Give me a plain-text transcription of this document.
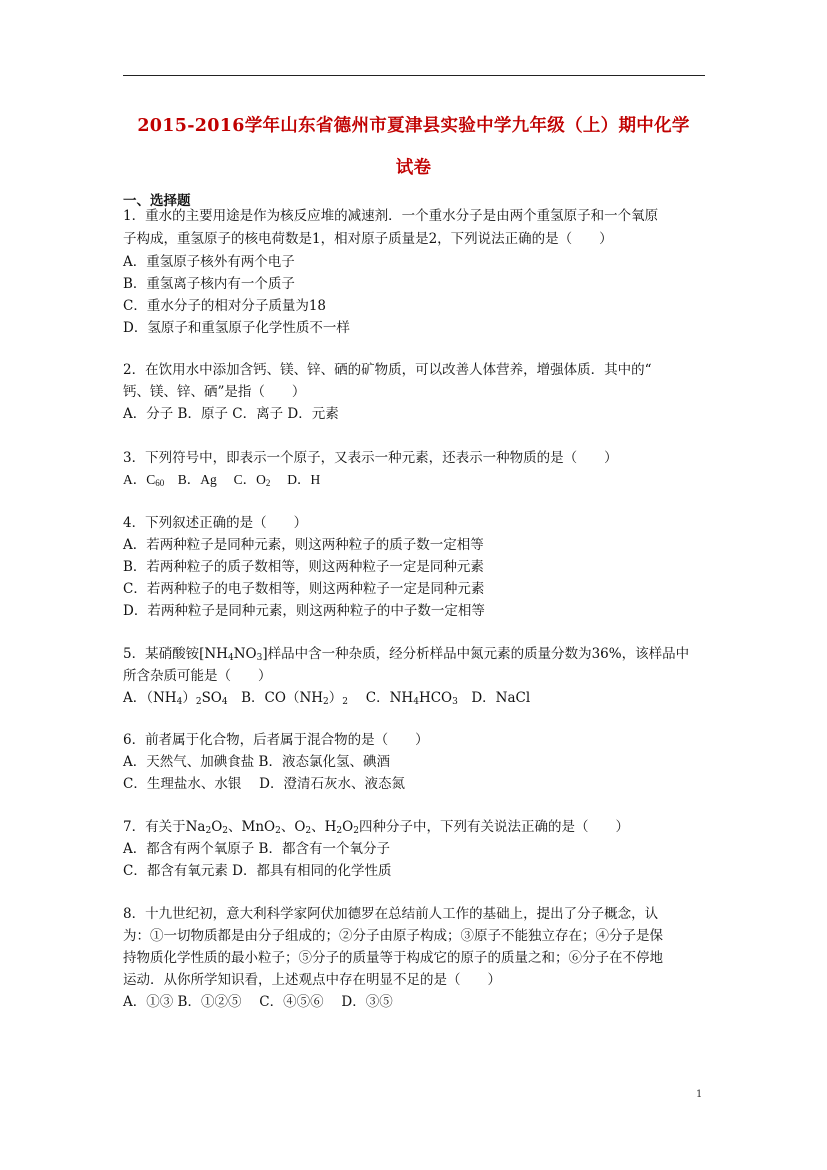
2015-2016学年山东省德州市夏津县实验中学九年级（上）期中化学
试卷
一、选择题
1．重水的主要用途是作为核反应堆的减速剂．一个重水分子是由两个重氢原子和一个氧原
子构成，重氢原子的核电荷数是1，相对原子质量是2，下列说法正确的是（　　）
A．重氢原子核外有两个电子
B．重氢离子核内有一个质子
C．重水分子的相对分子质量为18
D．氢原子和重氢原子化学性质不一样
2．在饮用水中添加含钙、镁、锌、硒的矿物质，可以改善人体营养，增强体质．其中的“
钙、镁、锌、硒”是指（　　）
A．分子 B．原子 C．离子 D．元素
3．下列符号中，即表示一个原子，又表示一种元素，还表示一种物质的是（　　）
A．$C_{60}$　B．Ag　 C．$O_2$　 D．H
4．下列叙述正确的是（　　）
A．若两种粒子是同种元素，则这两种粒子的质子数一定相等
B．若两种粒子的质子数相等，则这两种粒子一定是同种元素
C．若两种粒子的电子数相等，则这两种粒子一定是同种元素
D．若两种粒子是同种元素，则这两种粒子的中子数一定相等
5．某硝酸铵$[NH_4NO_3]$样品中含一种杂质，经分析样品中氮元素的质量分数为36%，该样品中
所含杂质可能是（　　）
A．$(NH_4)_2SO_4$　B．$CO(NH_2)_2$　 C．$NH_4HCO_3$　D．NaCl
6．前者属于化合物，后者属于混合物的是（　　）
A．天然气、加碘食盐 B．液态氯化氢、碘酒
C．生理盐水、水银　 D．澄清石灰水、液态氮
7．有关于$Na_2O_2$、MnO$_2$、$O_2$、$H_2O_2$四种分子中，下列有关说法正确的是（　　）
A．都含有两个氧原子 B．都含有一个氧分子
C．都含有氧元素 D．都具有相同的化学性质
8．十九世纪初，意大利科学家阿伏加德罗在总结前人工作的基础上，提出了分子概念，认
为：①一切物质都是由分子组成的；②分子由原子构成；③原子不能独立存在；④分子是保
持物质化学性质的最小粒子；⑤分子的质量等于构成它的原子的质量之和；⑥分子在不停地
运动．从你所学知识看，上述观点中存在明显不足的是（　　）
A．①③ B．①②⑤　 C．④⑤⑥　 D．③⑤
1
